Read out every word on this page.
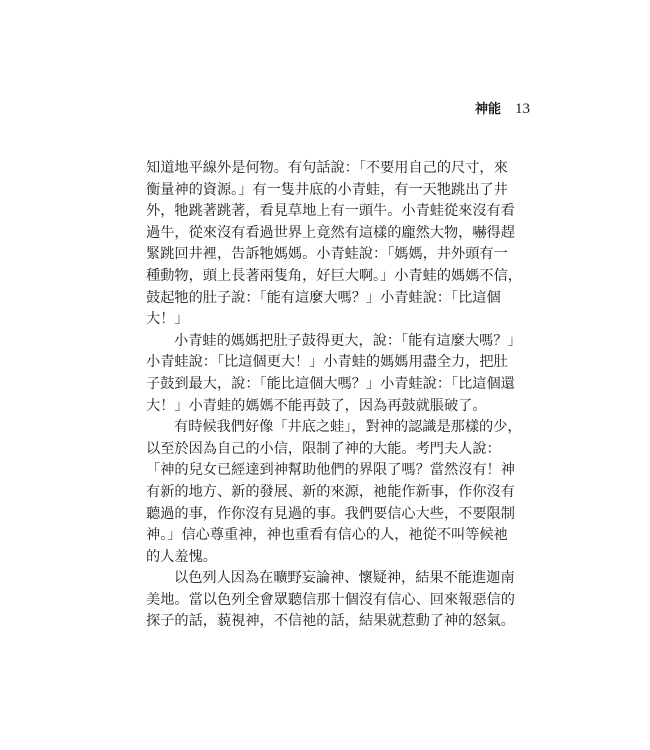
神能 13
知道地平線外是何物。有句話說：「不要用自己的尺寸，來
衡量神的資源。」有一隻井底的小青蛙，有一天牠跳出了井
外，牠跳著跳著，看見草地上有一頭牛。小青蛙從來沒有看
過牛，從來沒有看過世界上竟然有這樣的龐然大物，嚇得趕
緊跳回井裡，告訴牠媽媽。小青蛙說：「媽媽，井外頭有一
種動物，頭上長著兩隻角，好巨大啊。」小青蛙的媽媽不信，
鼓起牠的肚子說：「能有這麼大嗎？」小青蛙說：「比這個
大！」
小青蛙的媽媽把肚子鼓得更大，說：「能有這麼大嗎？」
小青蛙說：「比這個更大！」小青蛙的媽媽用盡全力，把肚
子鼓到最大，說：「能比這個大嗎？」小青蛙說：「比這個還
大！」小青蛙的媽媽不能再鼓了，因為再鼓就脹破了。
有時候我們好像「井底之蛙」，對神的認識是那樣的少，
以至於因為自己的小信，限制了神的大能。考門夫人說：
「神的兒女已經達到神幫助他們的界限了嗎？當然沒有！神
有新的地方、新的發展、新的來源，祂能作新事，作你沒有
聽過的事，作你沒有見過的事。我們要信心大些，不要限制
神。」信心尊重神，神也重看有信心的人，祂從不叫等候祂
的人羞愧。
以色列人因為在曠野妄論神、懷疑神，結果不能進迦南
美地。當以色列全會眾聽信那十個沒有信心、回來報惡信的
探子的話，藐視神，不信祂的話，結果就惹動了神的怒氣。
